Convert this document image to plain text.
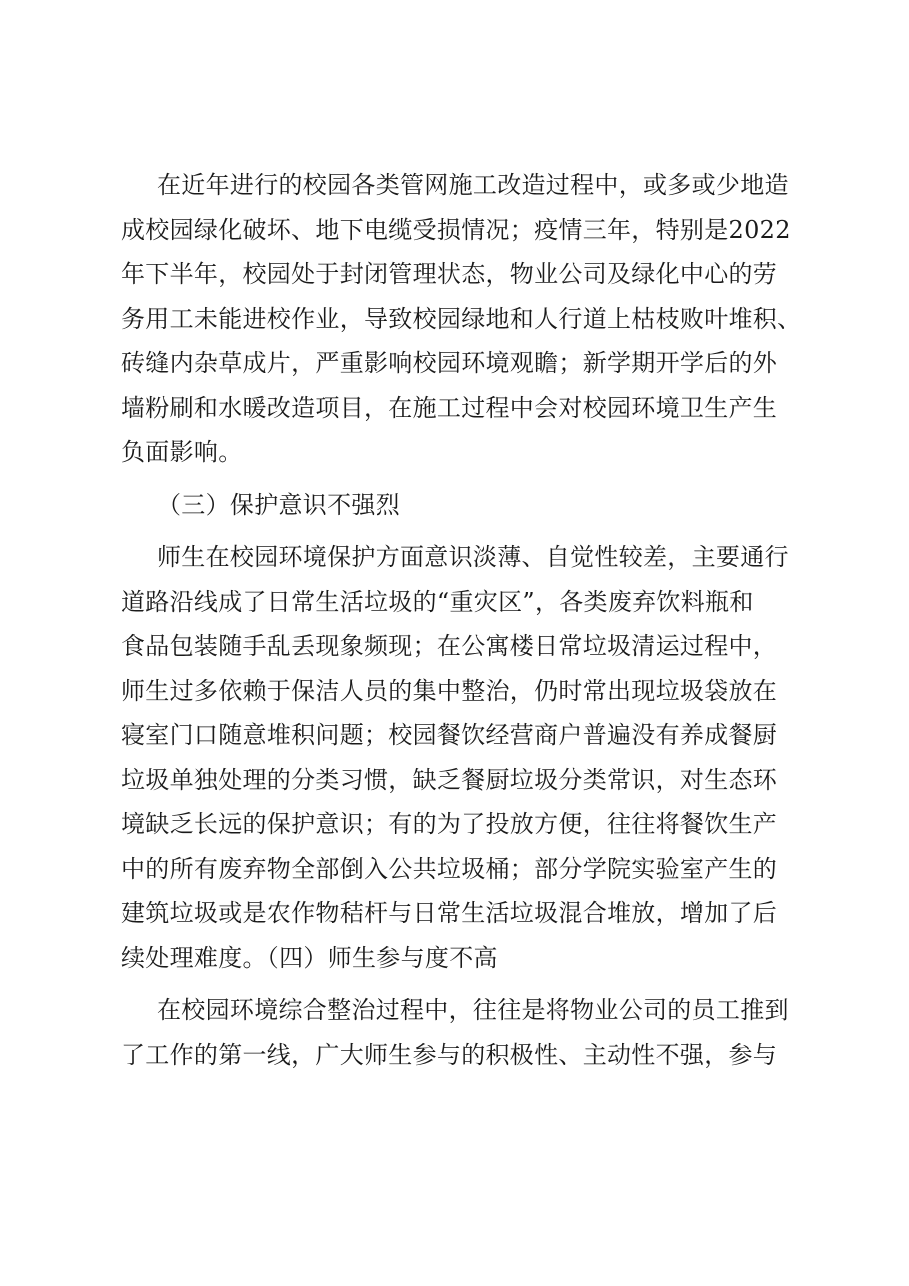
在近年进行的校园各类管网施工改造过程中，或多或少地造
成校园绿化破坏、地下电缆受损情况；疫情三年，特别是2022
年下半年，校园处于封闭管理状态，物业公司及绿化中心的劳
务用工未能进校作业，导致校园绿地和人行道上枯枝败叶堆积、
砖缝内杂草成片，严重影响校园环境观瞻；新学期开学后的外
墙粉刷和水暖改造项目，在施工过程中会对校园环境卫生产生
负面影响。
（三）保护意识不强烈
师生在校园环境保护方面意识淡薄、自觉性较差，主要通行
道路沿线成了日常生活垃圾的“重灾区”，各类废弃饮料瓶和
食品包装随手乱丢现象频现；在公寓楼日常垃圾清运过程中，
师生过多依赖于保洁人员的集中整治，仍时常出现垃圾袋放在
寝室门口随意堆积问题；校园餐饮经营商户普遍没有养成餐厨
垃圾单独处理的分类习惯，缺乏餐厨垃圾分类常识，对生态环
境缺乏长远的保护意识；有的为了投放方便，往往将餐饮生产
中的所有废弃物全部倒入公共垃圾桶；部分学院实验室产生的
建筑垃圾或是农作物秸杆与日常生活垃圾混合堆放，增加了后
续处理难度。（四）师生参与度不高
在校园环境综合整治过程中，往往是将物业公司的员工推到
了工作的第一线，广大师生参与的积极性、主动性不强，参与
